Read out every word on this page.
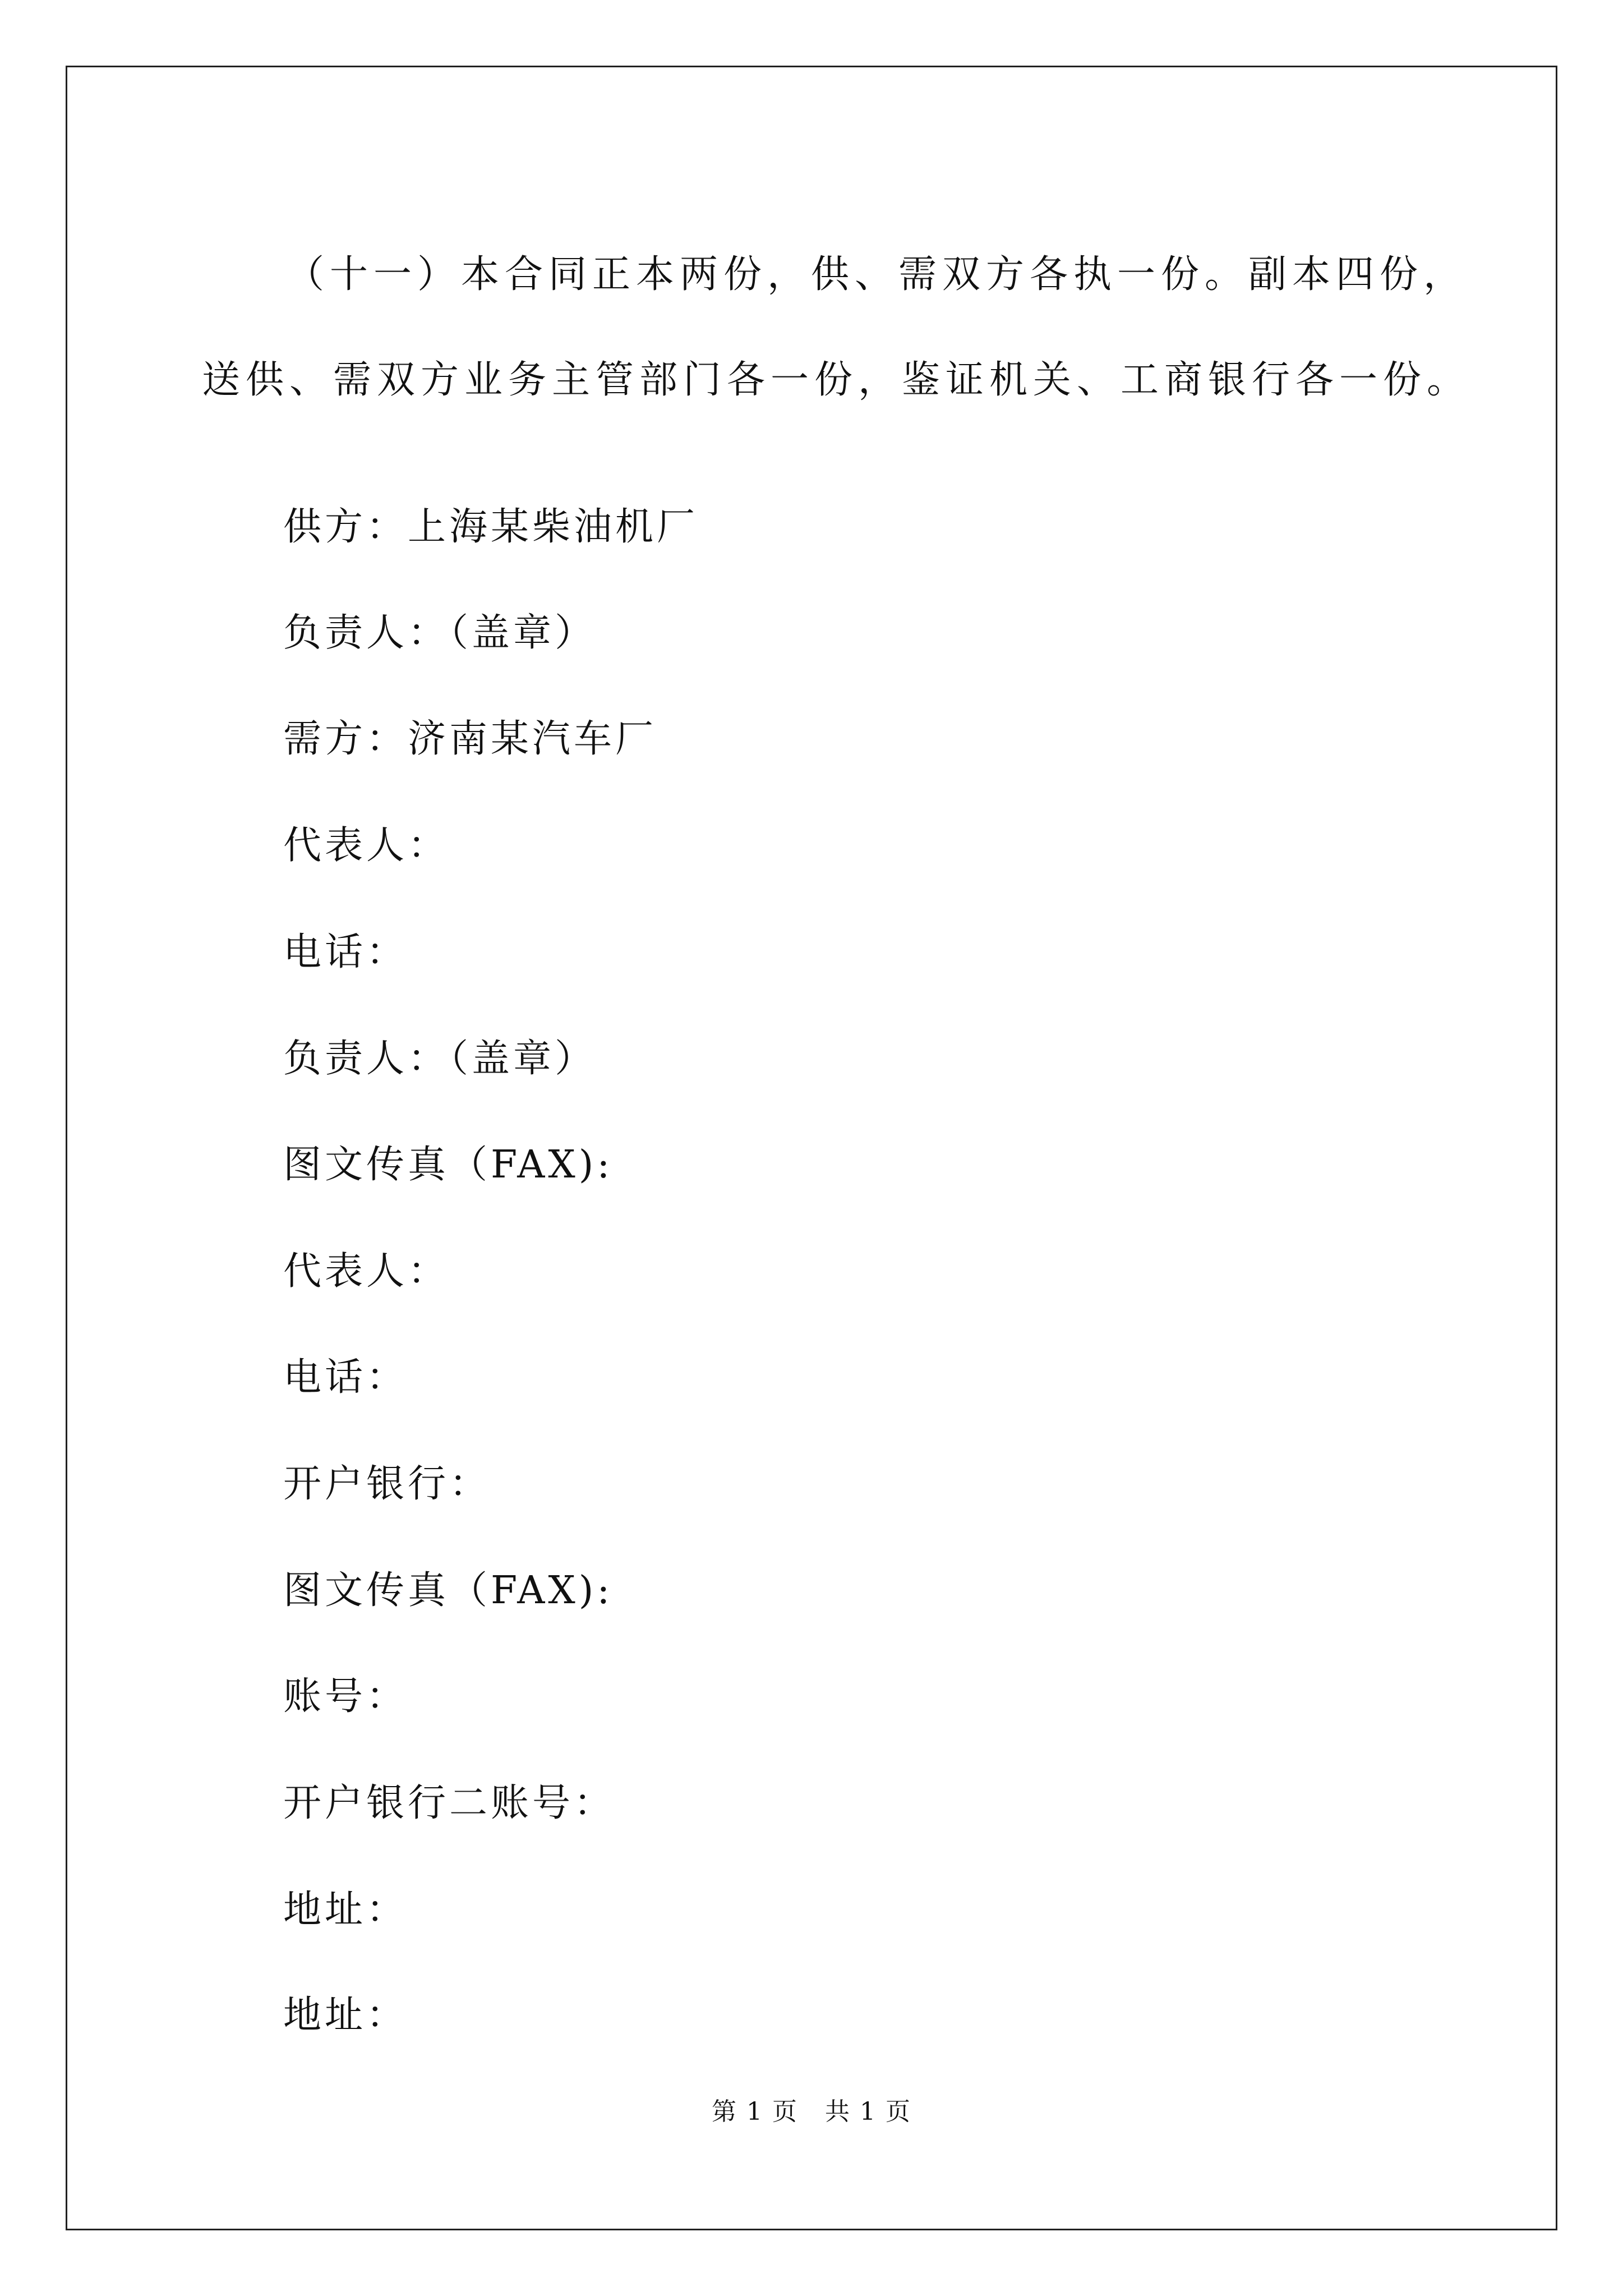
（十一）本合同正本两份，供、需双方各执一份。副本四份，送供、需双方业务主管部门各一份，鉴证机关、工商银行各一份。
供方：上海某柴油机厂
负责人：（盖章）
需方：济南某汽车厂
代表人：
电话：
负责人：（盖章）
图文传真（FAX):
代表人：
电话：
开户银行：
图文传真（FAX):
账号：
开户银行二账号：
地址：
地址：
第 1 页 共 1 页
